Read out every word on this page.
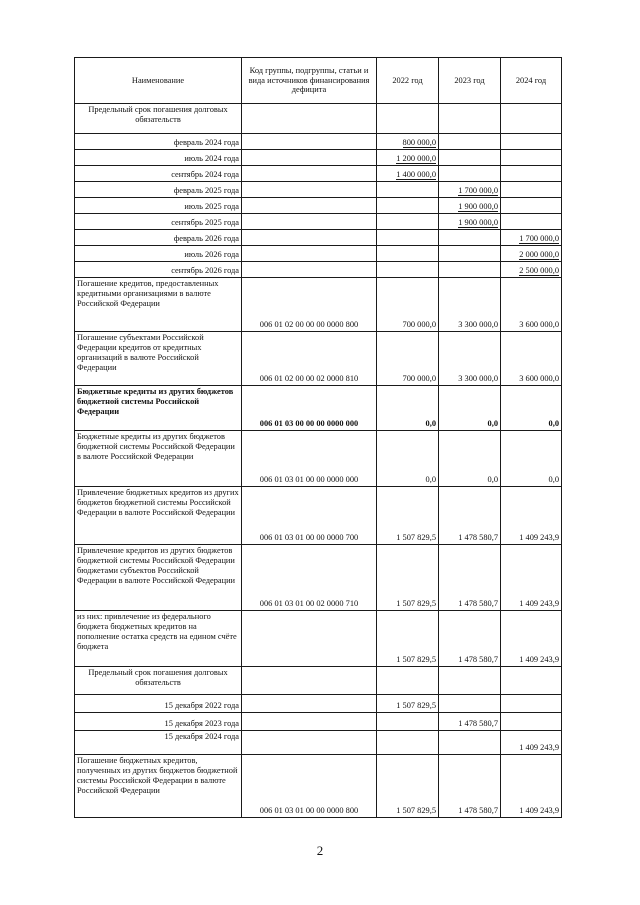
Наименование	Код группы, подгруппы, статьи и вида источников финансирования дефицита	2022 год	2023 год	2024 год
Предельный срок погашения долговых обязательств				
февраль 2024 года		800 000,0		
июль 2024 года		1 200 000,0		
сентябрь 2024 года		1 400 000,0		
февраль 2025 года			1 700 000,0	
июль 2025 года			1 900 000,0	
сентябрь 2025 года			1 900 000,0	
февраль 2026 года				1 700 000,0
июль 2026 года				2 000 000,0
сентябрь 2026 года				2 500 000,0
Погашение кредитов, предоставленных кредитными организациями в валюте Российской Федерации	006 01 02 00 00 00 0000 800	700 000,0	3 300 000,0	3 600 000,0
Погашение субъектами Российской Федерации кредитов от кредитных организаций в валюте Российской Федерации	006 01 02 00 00 02 0000 810	700 000,0	3 300 000,0	3 600 000,0
Бюджетные кредиты из других бюджетов бюджетной системы Российской Федерации	006 01 03 00 00 00 0000 000	0,0	0,0	0,0
Бюджетные кредиты из других бюджетов бюджетной системы Российской Федерации в валюте Российской Федерации	006 01 03 01 00 00 0000 000	0,0	0,0	0,0
Привлечение бюджетных кредитов из других бюджетов бюджетной системы Российской Федерации в валюте Российской Федерации	006 01 03 01 00 00 0000 700	1 507 829,5	1 478 580,7	1 409 243,9
Привлечение кредитов из других бюджетов бюджетной системы Российской Федерации бюджетами субъектов Российской Федерации в валюте Российской Федерации	006 01 03 01 00 02 0000 710	1 507 829,5	1 478 580,7	1 409 243,9
из них: привлечение из федерального бюджета бюджетных кредитов на пополнение остатка средств на едином счёте бюджета		1 507 829,5	1 478 580,7	1 409 243,9
Предельный срок погашения долговых обязательств				
15 декабря 2022 года		1 507 829,5		
15 декабря 2023 года			1 478 580,7	
15 декабря 2024 года				1 409 243,9
Погашение бюджетных кредитов, полученных из других бюджетов бюджетной системы Российской Федерации в валюте Российской Федерации	006 01 03 01 00 00 0000 800	1 507 829,5	1 478 580,7	1 409 243,9
2
